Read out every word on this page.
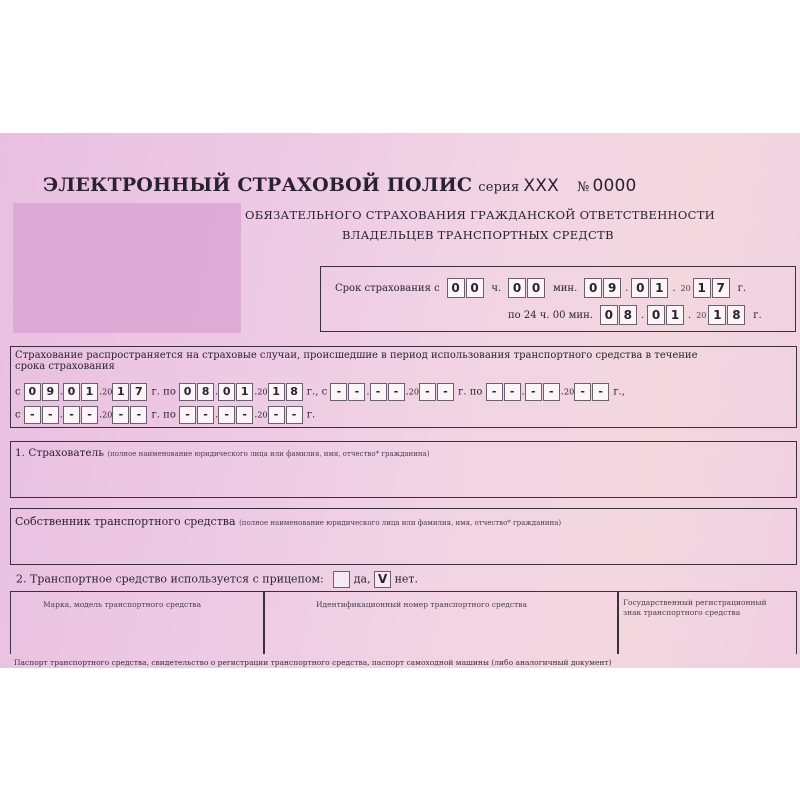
ЭЛЕКТРОННЫЙ СТРАХОВОЙ ПОЛИС серия XXX № 0000
ОБЯЗАТЕЛЬНОГО СТРАХОВАНИЯ ГРАЖДАНСКОЙ ОТВЕТСТВЕННОСТИ
ВЛАДЕЛЬЦЕВ ТРАНСПОРТНЫХ СРЕДСТВ
Срок страхования с 0 0 ч. 0 0 мин. 0 9 . 0 1 . 20 1 7 г.
по 24 ч. 00 мин. 0 8 . 0 1 . 20 1 8 г.
Страхование распространяется на страховые случаи, происшедшие в период использования транспортного средства в течение
срока страхования
с 0 9 . 0 1 .20 1 7 г. по 0 8 . 0 1 .20 1 8 г., с - - . - - .20 - - г. по - - . - - .20 - - г.,
с - - . - - .20 - - г. по - - . - - .20 - - г.
1. Страхователь (полное наименование юридического лица или фамилия, имя, отчество* гражданина)
Собственник транспортного средства (полное наименование юридического лица или фамилия, имя, отчество* гражданина)
2. Транспортное средство используется с прицепом:	да, V нет.
Марка, модель транспортного средства	Идентификационный номер транспортного средства	Государственный регистрационный
знак транспортного средства
Паспорт транспортного средства, свидетельство о регистрации транспортного средства, паспорт самоходной машины (либо аналогичный документ)
